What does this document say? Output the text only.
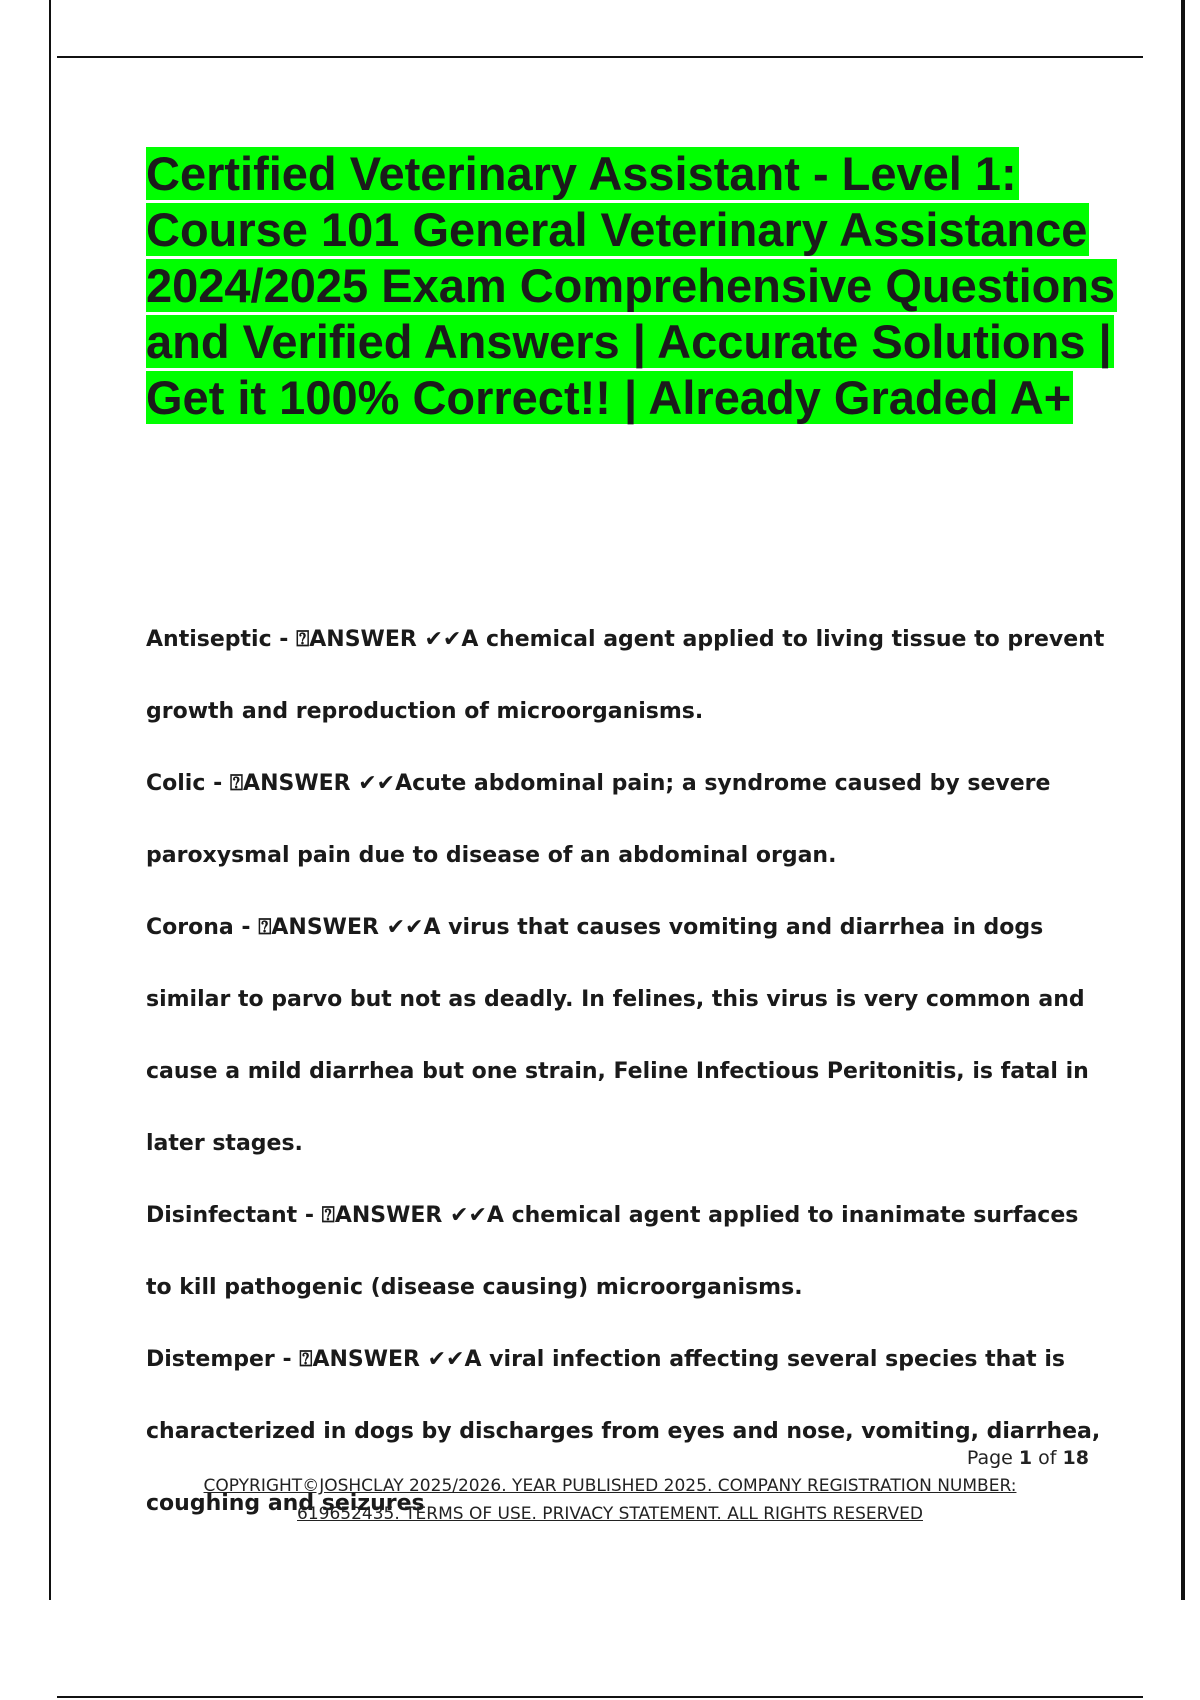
Certified Veterinary Assistant - Level 1: Course 101 General Veterinary Assistance 2024/2025 Exam Comprehensive Questions and Verified Answers | Accurate Solutions | Get it 100% Correct!! | Already Graded A+

Antiseptic - ⍰ANSWER ✔✔A chemical agent applied to living tissue to prevent growth and reproduction of microorganisms.

Colic - ⍰ANSWER ✔✔Acute abdominal pain; a syndrome caused by severe paroxysmal pain due to disease of an abdominal organ.

Corona - ⍰ANSWER ✔✔A virus that causes vomiting and diarrhea in dogs similar to parvo but not as deadly. In felines, this virus is very common and cause a mild diarrhea but one strain, Feline Infectious Peritonitis, is fatal in later stages.

Disinfectant - ⍰ANSWER ✔✔A chemical agent applied to inanimate surfaces to kill pathogenic (disease causing) microorganisms.

Distemper - ⍰ANSWER ✔✔A viral infection affecting several species that is characterized in dogs by discharges from eyes and nose, vomiting, diarrhea, coughing and seizures

Page 1 of 18
COPYRIGHT©JOSHCLAY 2025/2026. YEAR PUBLISHED 2025. COMPANY REGISTRATION NUMBER:
619652435. TERMS OF USE. PRIVACY STATEMENT. ALL RIGHTS RESERVED
